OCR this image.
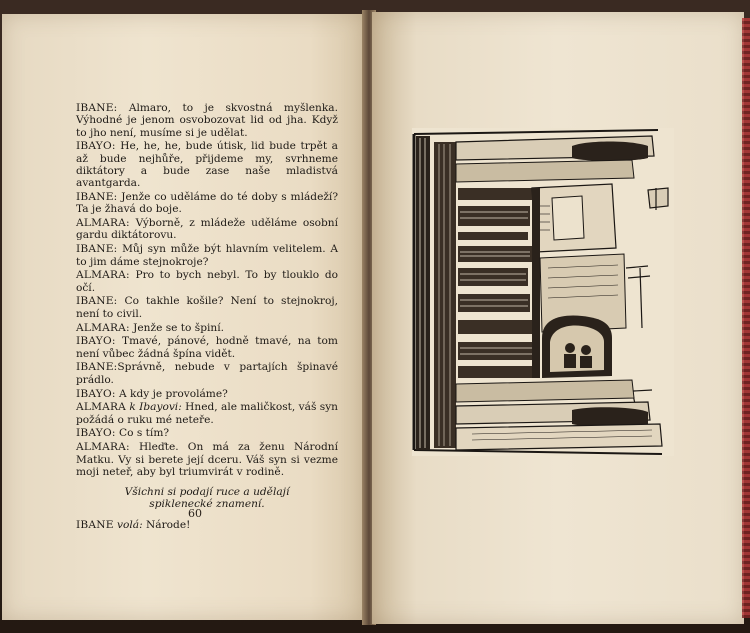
IBANE: Almaro, to je skvostná myšlenka. Výhodné je jenom osvobozovat lid od jha. Když to jho není, musíme si je udělat.
IBAYO: He, he, he, bude útisk, lid bude trpět a až bude nejhůře, přijdeme my, svrhneme diktátory a bude zase naše mladistvá avantgarda.
IBANE: Jenže co uděláme do té doby s mládeží? Ta je žhavá do boje.
ALMARA: Výborně, z mládeže uděláme osobní gardu diktátorovu.
IBANE: Můj syn může být hlavním velitelem. A to jim dáme stejnokroje?
ALMARA: Pro to bych nebyl. To by tlouklo do očí.
IBANE: Co takhle košile? Není to stejnokroj, není to civil.
ALMARA: Jenže se to špiní.
IBAYO: Tmavé, pánové, hodně tmavé, na tom není vůbec žádná špína vidět.
IBANE:Správně, nebude v partajích špinavé prádlo.
IBAYO: A kdy je provoláme?
ALMARA k Ibayovi: Hned, ale maličkost, váš syn požádá o ruku mé neteře.
IBAYO: Co s tím?
ALMARA: Hleďte. On má za ženu Národní Matku. Vy si berete její dceru. Váš syn si vezme moji neteř, aby byl triumvirát v rodině.
Všichni si podají ruce a udělají spiklenecké znamení.
IBANE volá: Národe!
60
